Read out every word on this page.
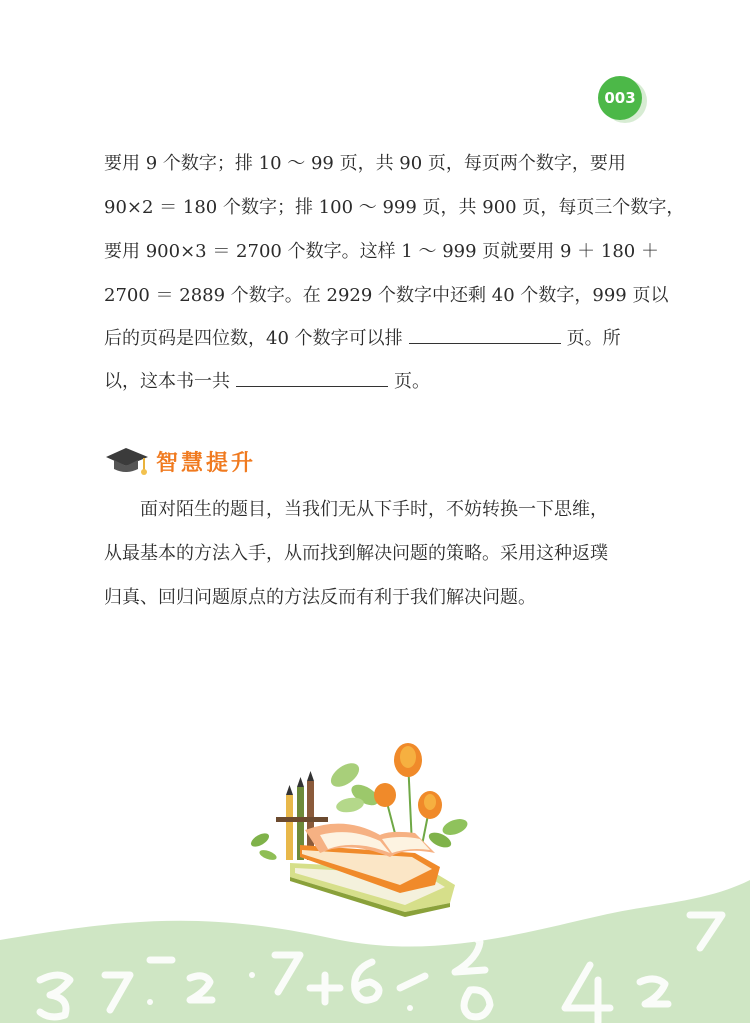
003
要用 9 个数字；排 10 ～ 99 页，共 90 页，每页两个数字，要用
90×2 ＝ 180 个数字；排 100 ～ 999 页，共 900 页，每页三个数字，
要用 900×3 ＝ 2700 个数字。这样 1 ～ 999 页就要用 9 ＋ 180 ＋
2700 ＝ 2889 个数字。在 2929 个数字中还剩 40 个数字，999 页以
后的页码是四位数，40 个数字可以排	页。所
以，这本书一共	页。
智慧提升
面对陌生的题目，当我们无从下手时，不妨转换一下思维，
从最基本的方法入手，从而找到解决问题的策略。采用这种返璞
归真、回归问题原点的方法反而有利于我们解决问题。
